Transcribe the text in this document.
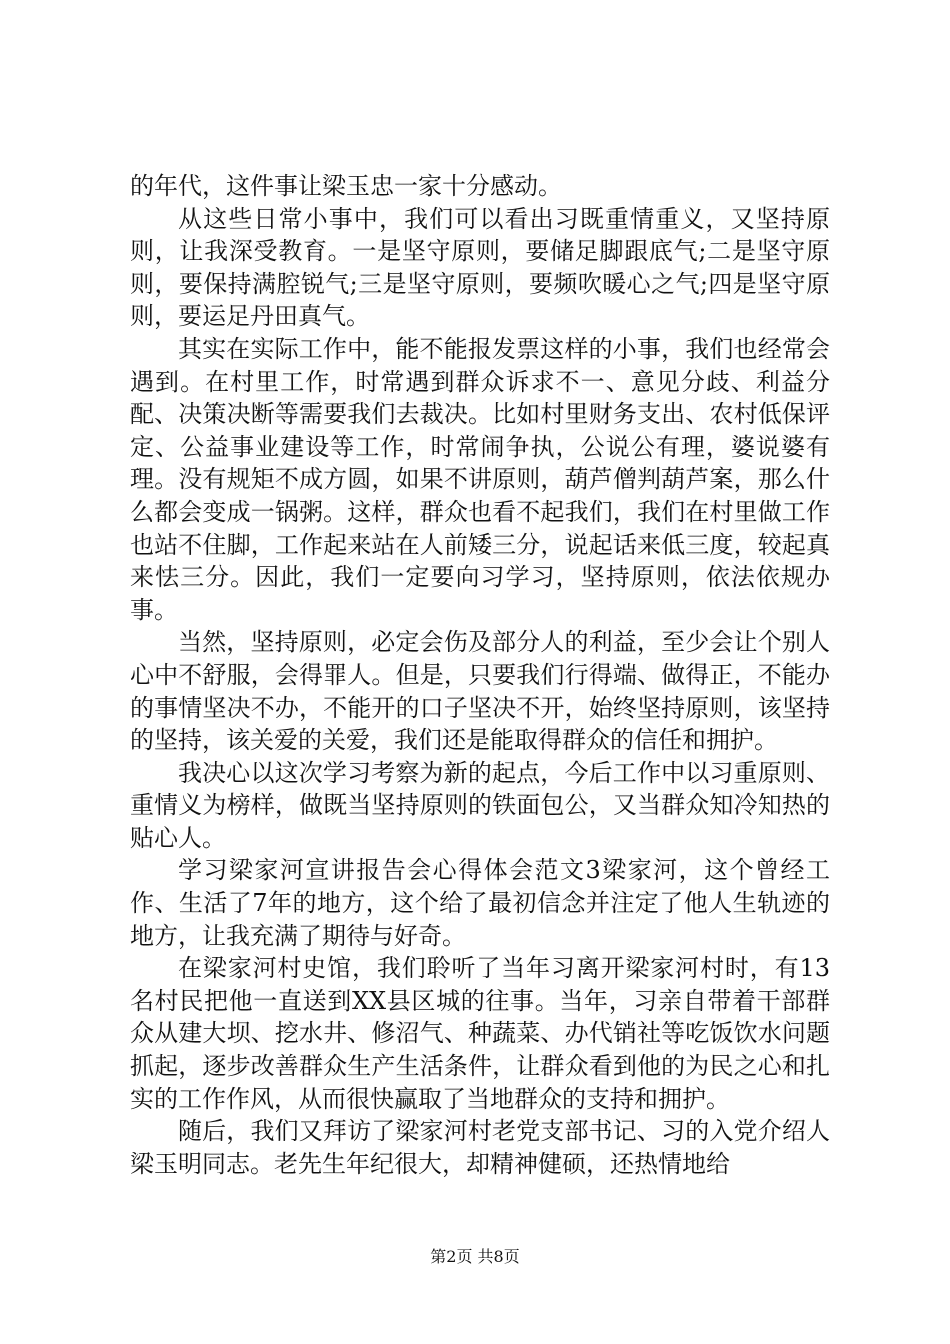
的年代，这件事让梁玉忠一家十分感动。

从这些日常小事中，我们可以看出习既重情重义，又坚持原则，让我深受教育。一是坚守原则，要储足脚跟底气;二是坚守原则，要保持满腔锐气;三是坚守原则，要频吹暖心之气;四是坚守原则，要运足丹田真气。

其实在实际工作中，能不能报发票这样的小事，我们也经常会遇到。在村里工作，时常遇到群众诉求不一、意见分歧、利益分配、决策决断等需要我们去裁决。比如村里财务支出、农村低保评定、公益事业建设等工作，时常闹争执，公说公有理，婆说婆有理。没有规矩不成方圆，如果不讲原则，葫芦僧判葫芦案，那么什么都会变成一锅粥。这样，群众也看不起我们，我们在村里做工作也站不住脚，工作起来站在人前矮三分，说起话来低三度，较起真来怯三分。因此，我们一定要向习学习，坚持原则，依法依规办事。

当然，坚持原则，必定会伤及部分人的利益，至少会让个别人心中不舒服，会得罪人。但是，只要我们行得端、做得正，不能办的事情坚决不办，不能开的口子坚决不开，始终坚持原则，该坚持的坚持，该关爱的关爱，我们还是能取得群众的信任和拥护。

我决心以这次学习考察为新的起点，今后工作中以习重原则、重情义为榜样，做既当坚持原则的铁面包公，又当群众知冷知热的贴心人。

学习梁家河宣讲报告会心得体会范文3梁家河，这个曾经工作、生活了7年的地方，这个给了最初信念并注定了他人生轨迹的地方，让我充满了期待与好奇。

在梁家河村史馆，我们聆听了当年习离开梁家河村时，有13名村民把他一直送到XX县区城的往事。当年，习亲自带着干部群众从建大坝、挖水井、修沼气、种蔬菜、办代销社等吃饭饮水问题抓起，逐步改善群众生产生活条件，让群众看到他的为民之心和扎实的工作作风，从而很快赢取了当地群众的支持和拥护。

随后，我们又拜访了梁家河村老党支部书记、习的入党介绍人梁玉明同志。老先生年纪很大，却精神健硕，还热情地给

第2页 共8页
